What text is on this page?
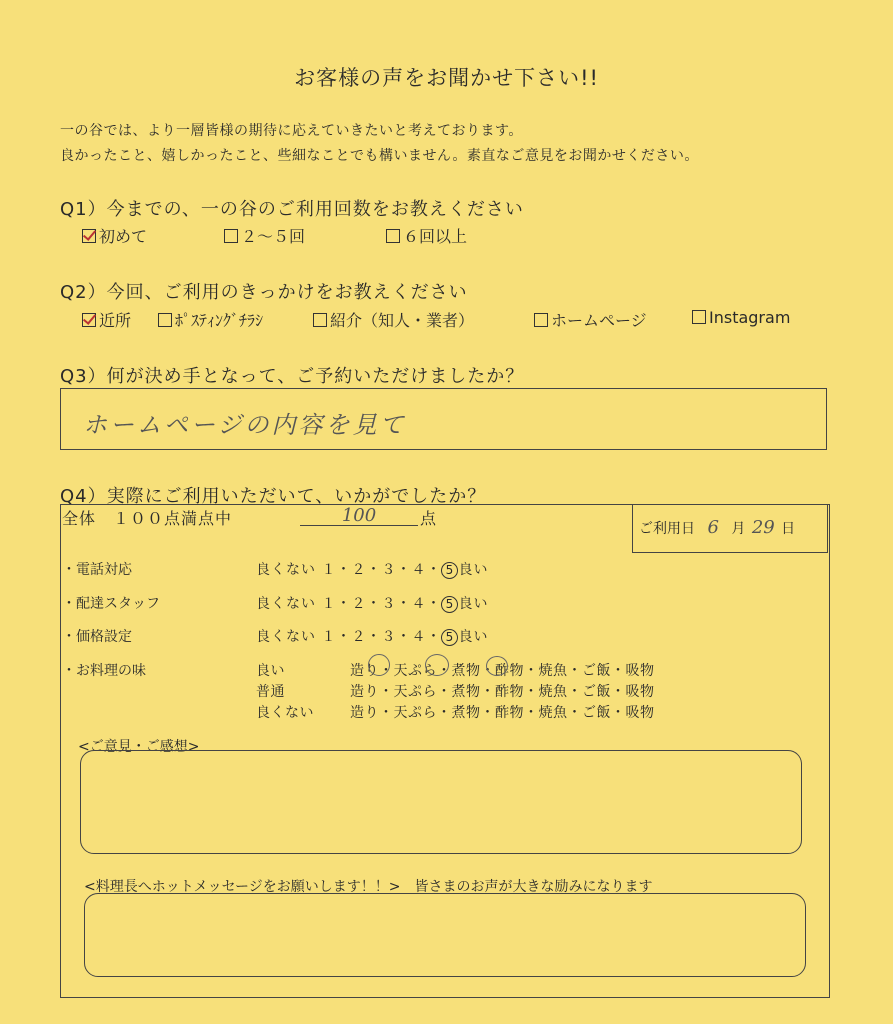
お客様の声をお聞かせ下さい!!
一の谷では、より一層皆様の期待に応えていきたいと考えております。
良かったこと、嬉しかったこと、些細なことでも構いません。素直なご意見をお聞かせください。
Q1）今までの、一の谷のご利用回数をお教えください
初めて	２～５回	６回以上
Q2）今回、ご利用のきっかけをお教えください
近所	ﾎﾟｽﾃｨﾝｸﾞﾁﾗｼ	紹介（知人・業者）	ホームページ	Instagram
Q3）何が決め手となって、ご予約いただけましたか？
ホームページの内容を見て
Q4）実際にご利用いただいて、いかがでしたか？
全体　１００点満点中	100	点
ご利用日 6 月 29 日
・電話対応	良くない １・２・３・４・ 5 良い
・配達スタッフ	良くない １・２・３・４・ 5 良い
・価格設定	良くない １・２・３・４・ 5 良い
・お料理の味	良い	造り・天ぷら・煮物・酢物・焼魚・ご飯・吸物
普通	造り・天ぷら・煮物・酢物・焼魚・ご飯・吸物
良くない	造り・天ぷら・煮物・酢物・焼魚・ご飯・吸物
<ご意見・ご感想>
<料理長へホットメッセージをお願いします！！>　皆さまのお声が大きな励みになります
